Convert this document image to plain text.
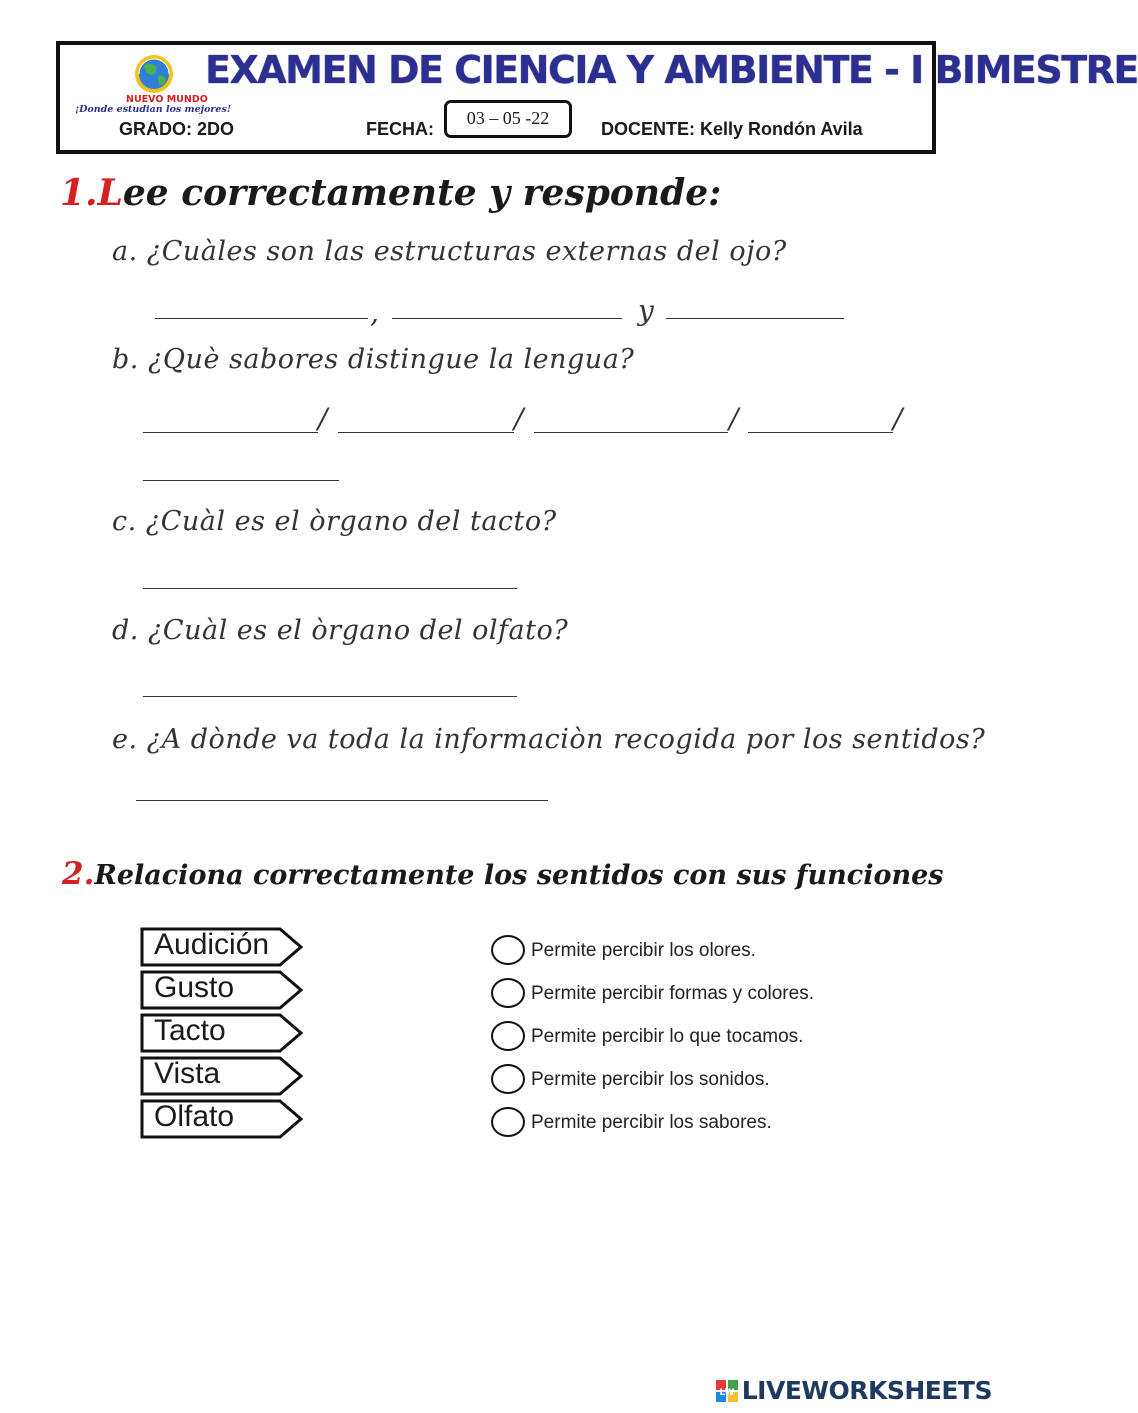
NUEVO MUNDO
¡Donde estudian los mejores!
EXAMEN DE CIENCIA Y AMBIENTE - I BIMESTRE
GRADO: 2DO	FECHA:
03 – 05 -22
DOCENTE: Kelly Rondón Avila
1.Lee correctamente y responde:
a. ¿Cuàles son las estructuras externas del ojo?
,	y
b. ¿Què sabores distingue la lengua?
/	/	/	/
c. ¿Cuàl es el òrgano del tacto?
d. ¿Cuàl es el òrgano del olfato?
e. ¿A dònde va toda la informaciòn recogida por los sentidos?
2.Relaciona correctamente los sentidos con sus funciones
Audición
Gusto
Tacto
Vista
Olfato
Permite percibir los olores.
Permite percibir formas y colores.
Permite percibir lo que tocamos.
Permite percibir los sonidos.
Permite percibir los sabores.
LW LIVEWORKSHEETS
